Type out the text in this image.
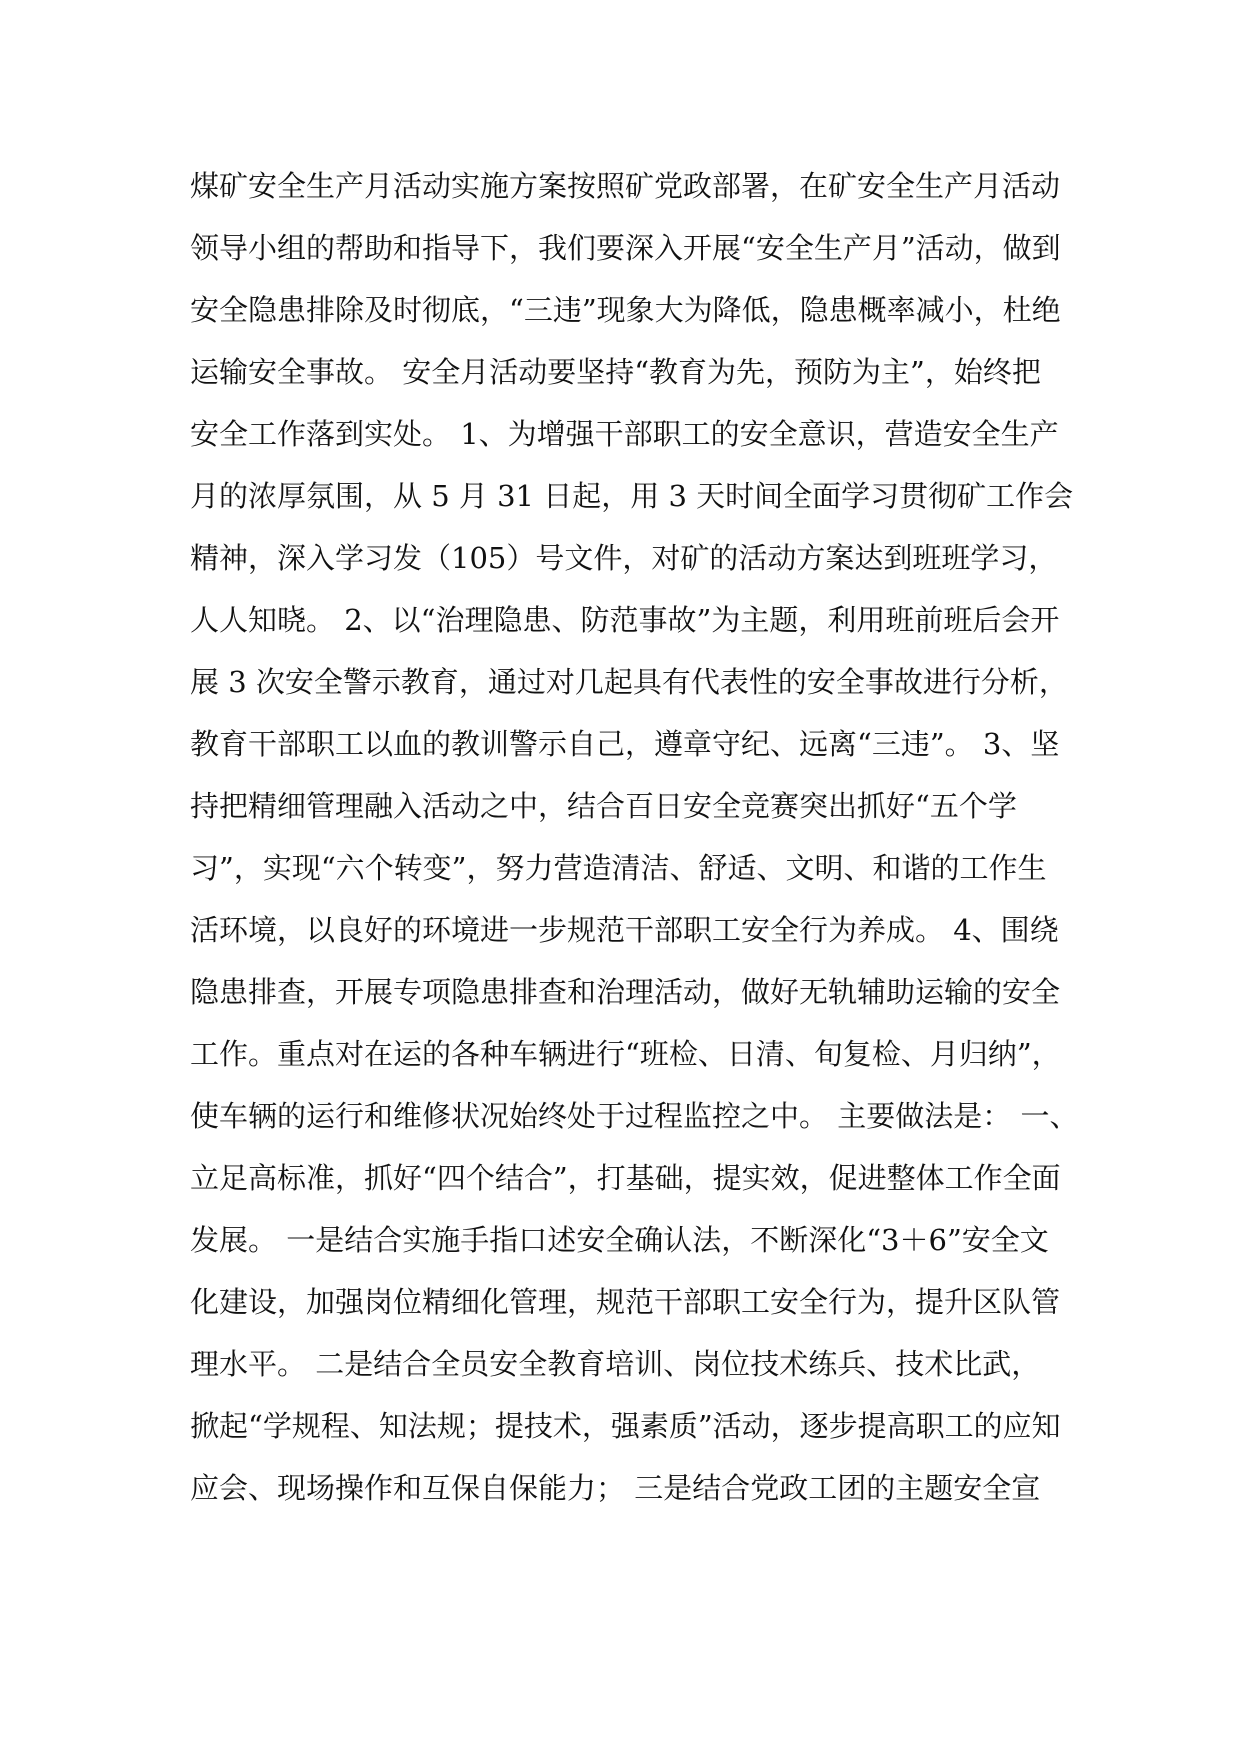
煤矿安全生产月活动实施方案按照矿党政部署，在矿安全生产月活动
领导小组的帮助和指导下，我们要深入开展“安全生产月”活动，做到
安全隐患排除及时彻底，“三违”现象大为降低，隐患概率减小，杜绝
运输安全事故。 安全月活动要坚持“教育为先，预防为主”，始终把
安全工作落到实处。 1、为增强干部职工的安全意识，营造安全生产
月的浓厚氛围，从 5 月 31 日起，用 3 天时间全面学习贯彻矿工作会
精神，深入学习发（105）号文件，对矿的活动方案达到班班学习，
人人知晓。 2、以“治理隐患、防范事故”为主题，利用班前班后会开
展 3 次安全警示教育，通过对几起具有代表性的安全事故进行分析，
教育干部职工以血的教训警示自己，遵章守纪、远离“三违”。 3、坚
持把精细管理融入活动之中，结合百日安全竞赛突出抓好“五个学
习”，实现“六个转变”，努力营造清洁、舒适、文明、和谐的工作生
活环境，以良好的环境进一步规范干部职工安全行为养成。 4、围绕
隐患排查，开展专项隐患排查和治理活动，做好无轨辅助运输的安全
工作。重点对在运的各种车辆进行“班检、日清、旬复检、月归纳”，
使车辆的运行和维修状况始终处于过程监控之中。 主要做法是： 一、
立足高标准，抓好“四个结合”，打基础，提实效，促进整体工作全面
发展。 一是结合实施手指口述安全确认法，不断深化“3＋6”安全文
化建设，加强岗位精细化管理，规范干部职工安全行为，提升区队管
理水平。 二是结合全员安全教育培训、岗位技术练兵、技术比武，
掀起“学规程、知法规；提技术，强素质”活动，逐步提高职工的应知
应会、现场操作和互保自保能力； 三是结合党政工团的主题安全宣
